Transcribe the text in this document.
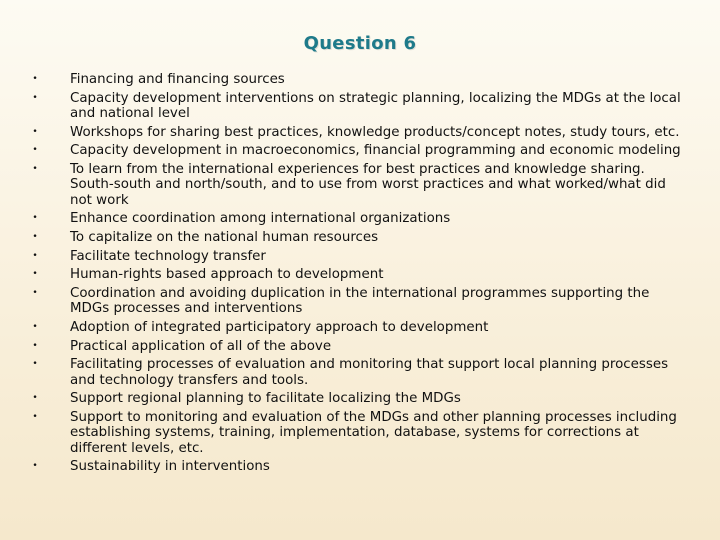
Question 6
• Financing and financing sources
• Capacity development interventions on strategic planning, localizing the MDGs at the local and national level
• Workshops for sharing best practices, knowledge products/concept notes, study tours, etc.
• Capacity development in macroeconomics, financial programming and economic modeling
• To learn from the international experiences for best practices and knowledge sharing. South-south and north/south, and to use from worst practices and what worked/what did not work
• Enhance coordination among international organizations
• To capitalize on the national human resources
• Facilitate technology transfer
• Human-rights based approach to development
• Coordination and avoiding duplication in the international programmes supporting the MDGs processes and interventions
• Adoption of integrated participatory approach to development
• Practical application of all of the above
• Facilitating processes of evaluation and monitoring that support local planning processes and technology transfers and tools.
• Support regional planning to facilitate localizing the MDGs
• Support to monitoring and evaluation of the MDGs and other planning processes including establishing systems, training, implementation, database, systems for corrections at different levels, etc.
• Sustainability in interventions
